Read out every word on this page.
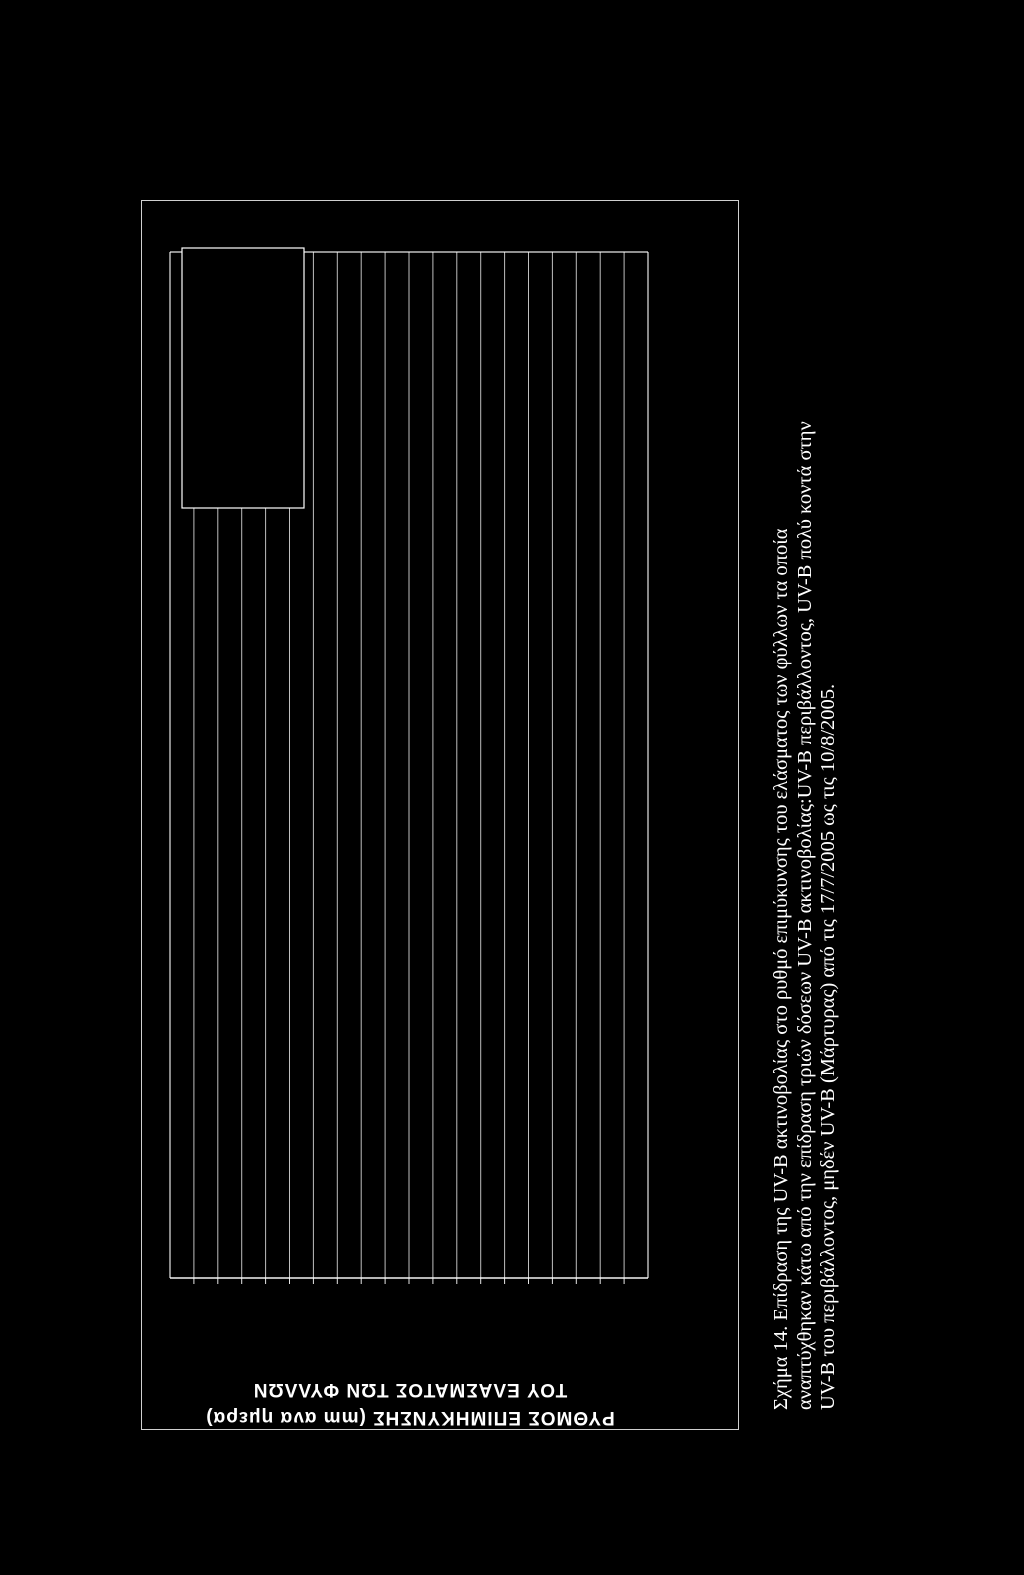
ΡΥΘΜΟΣ ΕΠΙΜΗΚΥΝΣΗΣ (mm ανα ημερα)
ΤΟΥ ΕΛΑΣΜΑΤΟΣ ΤΩΝ ΦΥΛΛΩΝ	Σχήμα 14. Επίδραση της UV-B ακτινοβολίας στο ρυθμό επιμύκυνσης του ελάσματος των φύλλων τα οποία αναπτύχθηκαν κάτω από την επίδραση τριών δόσεων UV-B ακτινοβολίας:UV-B περιβάλλοντος, UV-B πολύ κοντά στην UV-B του περιβάλλοντος, μηδέν UV-B (Μάρτυρας) από τις 17/7/2005 ως τις 10/8/2005.
